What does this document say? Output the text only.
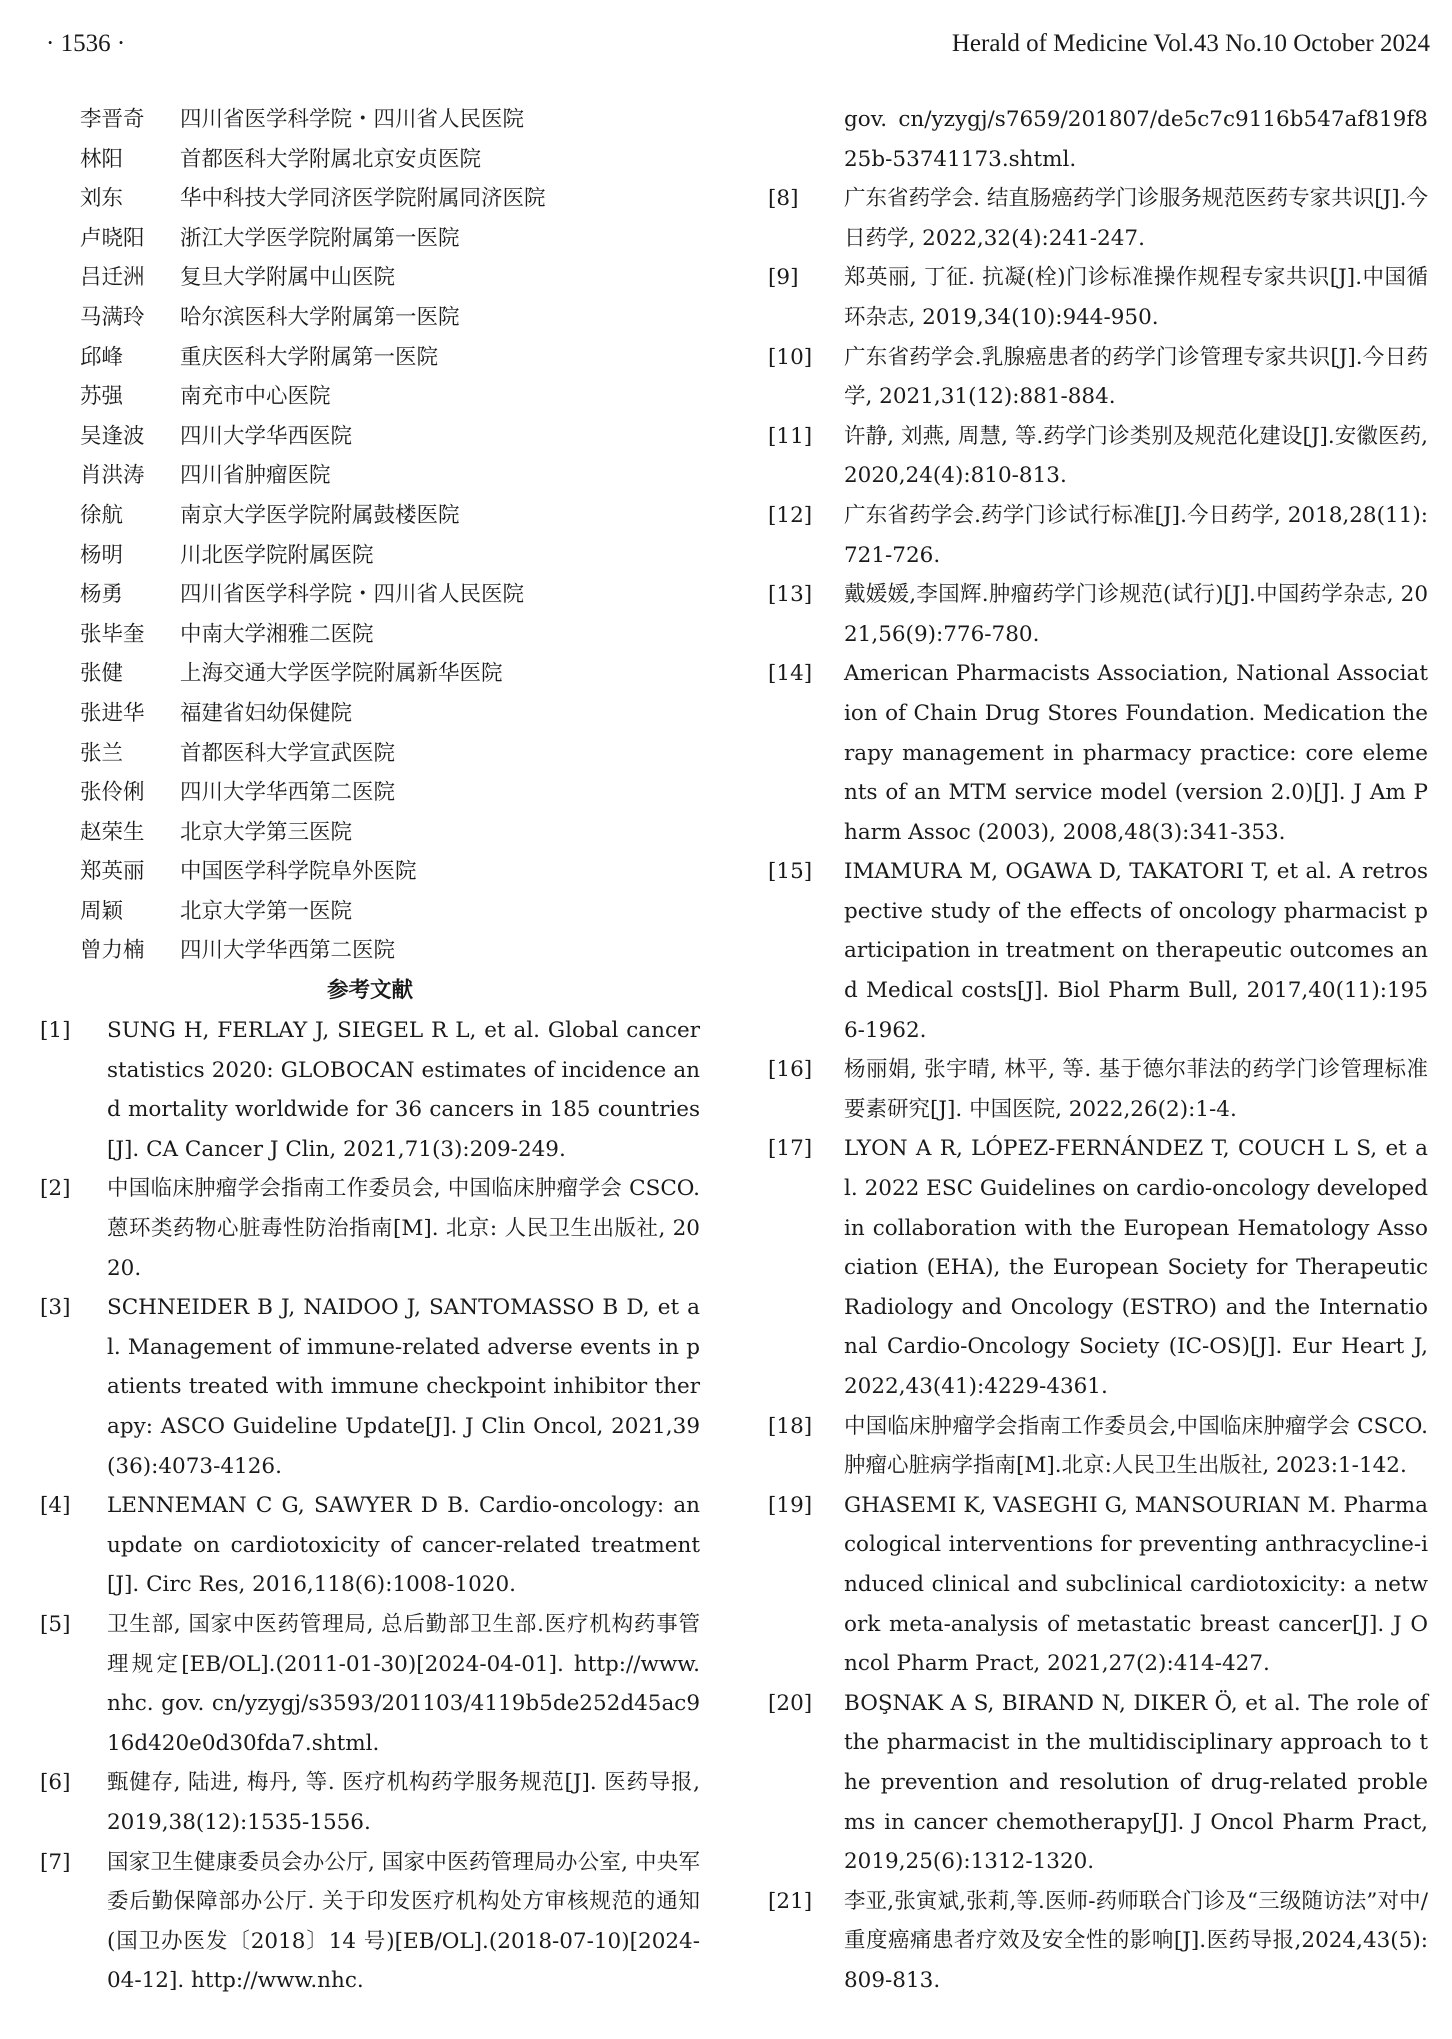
· 1536 ·	Herald of Medicine Vol.43 No.10 October 2024
李晋奇 四川省医学科学院・四川省人民医院
林阳	首都医科大学附属北京安贞医院
刘东	华中科技大学同济医学院附属同济医院
卢晓阳 浙江大学医学院附属第一医院
吕迁洲 复旦大学附属中山医院
马满玲 哈尔滨医科大学附属第一医院
邱峰	重庆医科大学附属第一医院
苏强	南充市中心医院
吴逢波 四川大学华西医院
肖洪涛 四川省肿瘤医院
徐航	南京大学医学院附属鼓楼医院
杨明	川北医学院附属医院
杨勇	四川省医学科学院・四川省人民医院
张毕奎 中南大学湘雅二医院
张健	上海交通大学医学院附属新华医院
张进华 福建省妇幼保健院
张兰	首都医科大学宣武医院
张伶俐 四川大学华西第二医院
赵荣生 北京大学第三医院
郑英丽 中国医学科学院阜外医院
周颖	北京大学第一医院
曾力楠 四川大学华西第二医院
参考文献
[1] SUNG H, FERLAY J, SIEGEL R L, et al. Global cancer statistics 2020: GLOBOCAN estimates of incidence and mortality worldwide for 36 cancers in 185 countries[J]. CA Cancer J Clin, 2021,71(3):209-249.
[2] 中国临床肿瘤学会指南工作委员会, 中国临床肿瘤学会 CSCO. 蒽环类药物心脏毒性防治指南[M]. 北京: 人民卫生出版社, 2020.
[3] SCHNEIDER B J, NAIDOO J, SANTOMASSO B D, et al. Management of immune-related adverse events in patients treated with immune checkpoint inhibitor therapy: ASCO Guideline Update[J]. J Clin Oncol, 2021,39(36):4073-4126.
[4] LENNEMAN C G, SAWYER D B. Cardio-oncology: an update on cardiotoxicity of cancer-related treatment[J]. Circ Res, 2016,118(6):1008-1020.
[5] 卫生部, 国家中医药管理局, 总后勤部卫生部.医疗机构药事管理规定[EB/OL].(2011-01-30)[2024-04-01]. http://www. nhc. gov. cn/yzygj/s3593/201103/4119b5de252d45ac916d420e0d30fda7.shtml.
[6] 甄健存, 陆进, 梅丹, 等. 医疗机构药学服务规范[J]. 医药导报, 2019,38(12):1535-1556.
[7] 国家卫生健康委员会办公厅, 国家中医药管理局办公室, 中央军委后勤保障部办公厅. 关于印发医疗机构处方审核规范的通知(国卫办医发〔2018〕14 号)[EB/OL].(2018-07-10)[2024-04-12]. http://www.nhc.
gov. cn/yzygj/s7659/201807/de5c7c9116b547af819f825b-53741173.shtml.
[8] 广东省药学会. 结直肠癌药学门诊服务规范医药专家共识[J].今日药学, 2022,32(4):241-247.
[9] 郑英丽, 丁征. 抗凝(栓)门诊标准操作规程专家共识[J].中国循环杂志, 2019,34(10):944-950.
[10] 广东省药学会.乳腺癌患者的药学门诊管理专家共识[J].今日药学, 2021,31(12):881-884.
[11] 许静, 刘燕, 周慧, 等.药学门诊类别及规范化建设[J].安徽医药, 2020,24(4):810-813.
[12] 广东省药学会.药学门诊试行标准[J].今日药学, 2018,28(11):721-726.
[13] 戴媛媛,李国辉.肿瘤药学门诊规范(试行)[J].中国药学杂志, 2021,56(9):776-780.
[14] American Pharmacists Association, National Association of Chain Drug Stores Foundation. Medication therapy management in pharmacy practice: core elements of an MTM service model (version 2.0)[J]. J Am Pharm Assoc (2003), 2008,48(3):341-353.
[15] IMAMURA M, OGAWA D, TAKATORI T, et al. A retrospective study of the effects of oncology pharmacist participation in treatment on therapeutic outcomes and Medical costs[J]. Biol Pharm Bull, 2017,40(11):1956-1962.
[16] 杨丽娟, 张宇晴, 林平, 等. 基于德尔菲法的药学门诊管理标准要素研究[J]. 中国医院, 2022,26(2):1-4.
[17] LYON A R, LÓPEZ-FERNÁNDEZ T, COUCH L S, et al. 2022 ESC Guidelines on cardio-oncology developed in collaboration with the European Hematology Association (EHA), the European Society for Therapeutic Radiology and Oncology (ESTRO) and the International Cardio-Oncology Society (IC-OS)[J]. Eur Heart J, 2022,43(41):4229-4361.
[18] 中国临床肿瘤学会指南工作委员会,中国临床肿瘤学会 CSCO. 肿瘤心脏病学指南[M].北京:人民卫生出版社, 2023:1-142.
[19] GHASEMI K, VASEGHI G, MANSOURIAN M. Pharmacological interventions for preventing anthracycline-induced clinical and subclinical cardiotoxicity: a network meta-analysis of metastatic breast cancer[J]. J Oncol Pharm Pract, 2021,27(2):414-427.
[20] BOŞNAK A S, BIRAND N, DIKER Ö, et al. The role of the pharmacist in the multidisciplinary approach to the prevention and resolution of drug-related problems in cancer chemotherapy[J]. J Oncol Pharm Pract, 2019,25(6):1312-1320.
[21] 李亚,张寅斌,张莉,等.医师-药师联合门诊及“三级随访法”对中/重度癌痛患者疗效及安全性的影响[J].医药导报,2024,43(5):809-813.
